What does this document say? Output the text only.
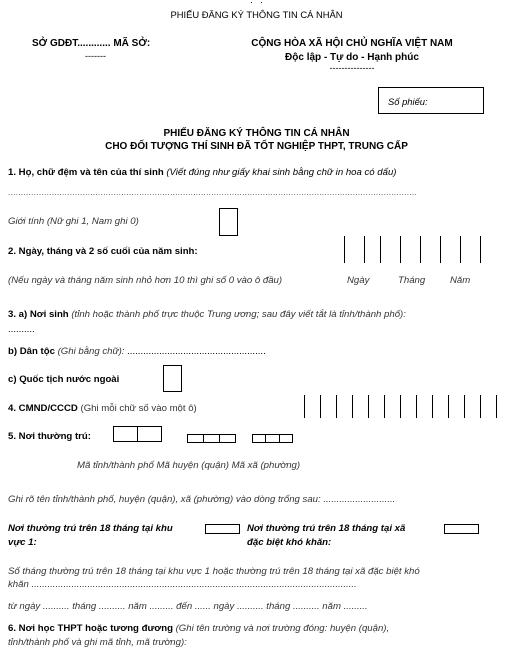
.   .
PHIẾU ĐĂNG KÝ THÔNG TIN CÁ NHÂN
SỞ GDĐT............ MÃ SỞ:
-------
CỘNG HÒA XÃ HỘI CHỦ NGHĨA VIỆT NAM
Độc lập - Tự do - Hạnh phúc
---------------
Số phiếu:
PHIẾU ĐĂNG KÝ THÔNG TIN CÁ NHÂN
CHO ĐỐI TƯỢNG THÍ SINH ĐÃ TỐT NGHIỆP THPT, TRUNG CẤP
1. Họ, chữ đệm và tên của thí sinh (Viết đúng như giấy khai sinh bằng chữ in hoa có dấu)
...............................................................................................................................................................
Giới tính (Nữ ghi 1, Nam ghi 0)
2. Ngày, tháng và 2 số cuối của năm sinh:
(Nếu ngày và tháng năm sinh nhỏ hơn 10 thì ghi số 0 vào ô đầu)	Ngày	Tháng	Năm
3. a) Nơi sinh (tỉnh hoặc thành phố trực thuộc Trung ương; sau đây viết tắt là tỉnh/thành phố):
..........
b) Dân tộc (Ghi bằng chữ): ....................................................
c) Quốc tịch nước ngoài
4. CMND/CCCD (Ghi mỗi chữ số vào một ô)
5. Nơi thường trú:
Mã tỉnh/thành phố Mã huyện (quận) Mã xã (phường)
Ghi rõ tên tỉnh/thành phố, huyện (quận), xã (phường) vào dòng trống sau: ...........................
Nơi thường trú trên 18 tháng tại khu
vực 1:
Nơi thường trú trên 18 tháng tại xã
đặc biệt khó khăn:
Số tháng thường trú trên 18 tháng tại khu vực 1 hoặc thường trú trên 18 tháng tại xã đặc biệt khó
khăn ..........................................................................................................................
từ ngày .......... tháng .......... năm ......... đến ...... ngày .......... tháng .......... năm .........
6. Nơi học THPT hoặc tương đương (Ghi tên trường và nơi trường đóng: huyện (quận),
tỉnh/thành phố và ghi mã tỉnh, mã trường):
